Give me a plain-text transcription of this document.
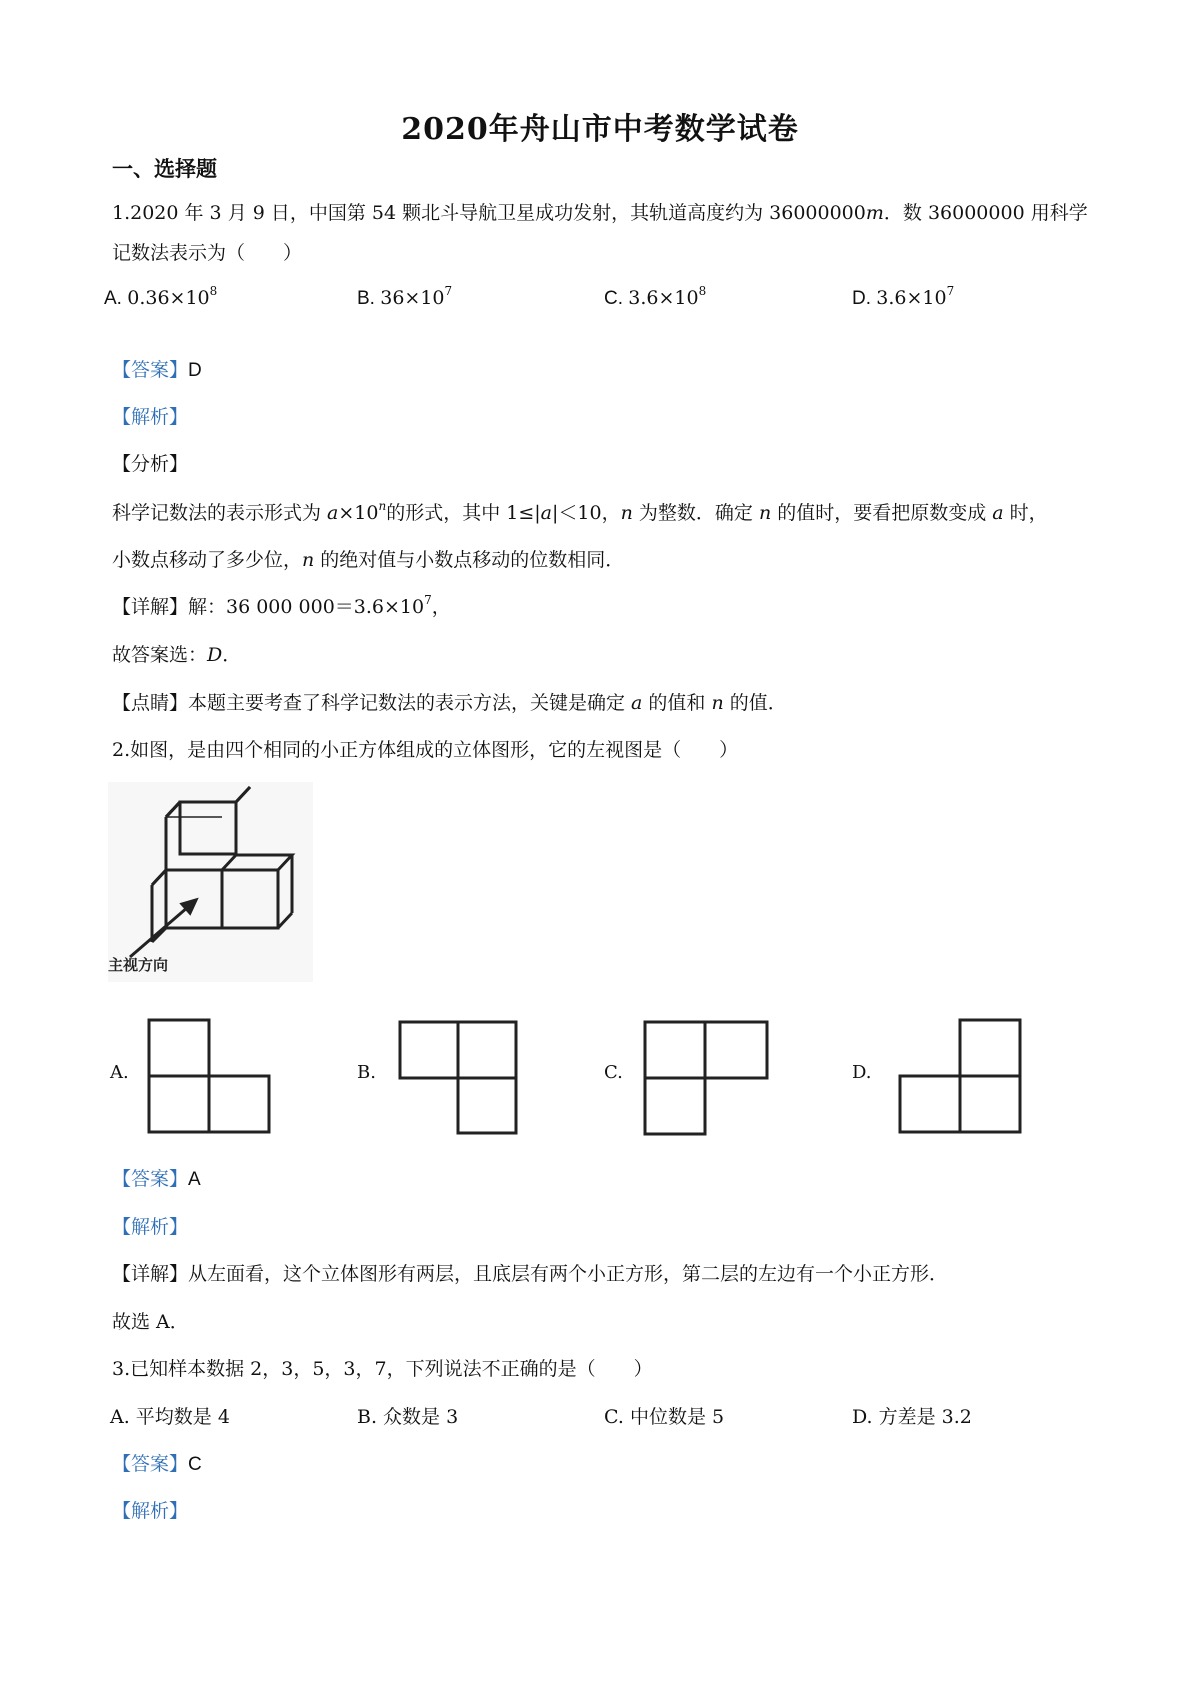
2020年舟山市中考数学试卷
一、选择题
1.2020 年 3 月 9 日，中国第 54 颗北斗导航卫星成功发射，其轨道高度约为 36000000m．数 36000000 用科学
记数法表示为（　　）
A. $0.36\times 10^8$	B. $36\times 10^7$	C. $3.6\times 10^8$	D. $3.6\times 10^7$
【答案】D
【解析】
【分析】
科学记数法的表示形式为 $a\times 10^n$的形式，其中 1≤|a|＜10，n 为整数．确定 n 的值时，要看把原数变成 a 时，
小数点移动了多少位，n 的绝对值与小数点移动的位数相同．
【详解】解：36 000 $000=3.6\times 10^7$，
故答案选：D．
【点睛】本题主要考查了科学记数法的表示方法，关键是确定 a 的值和 n 的值．
2.如图，是由四个相同的小正方体组成的立体图形，它的左视图是（　　）
主视方向
A.	B.	C.	D.
【答案】A
【解析】
【详解】从左面看，这个立体图形有两层，且底层有两个小正方形，第二层的左边有一个小正方形．
故选 A．
3.已知样本数据 2，3，5，3，7，下列说法不正确的是（　　）
A. 平均数是 4	B. 众数是 3	C. 中位数是 5	D. 方差是 3.2
【答案】C
【解析】
